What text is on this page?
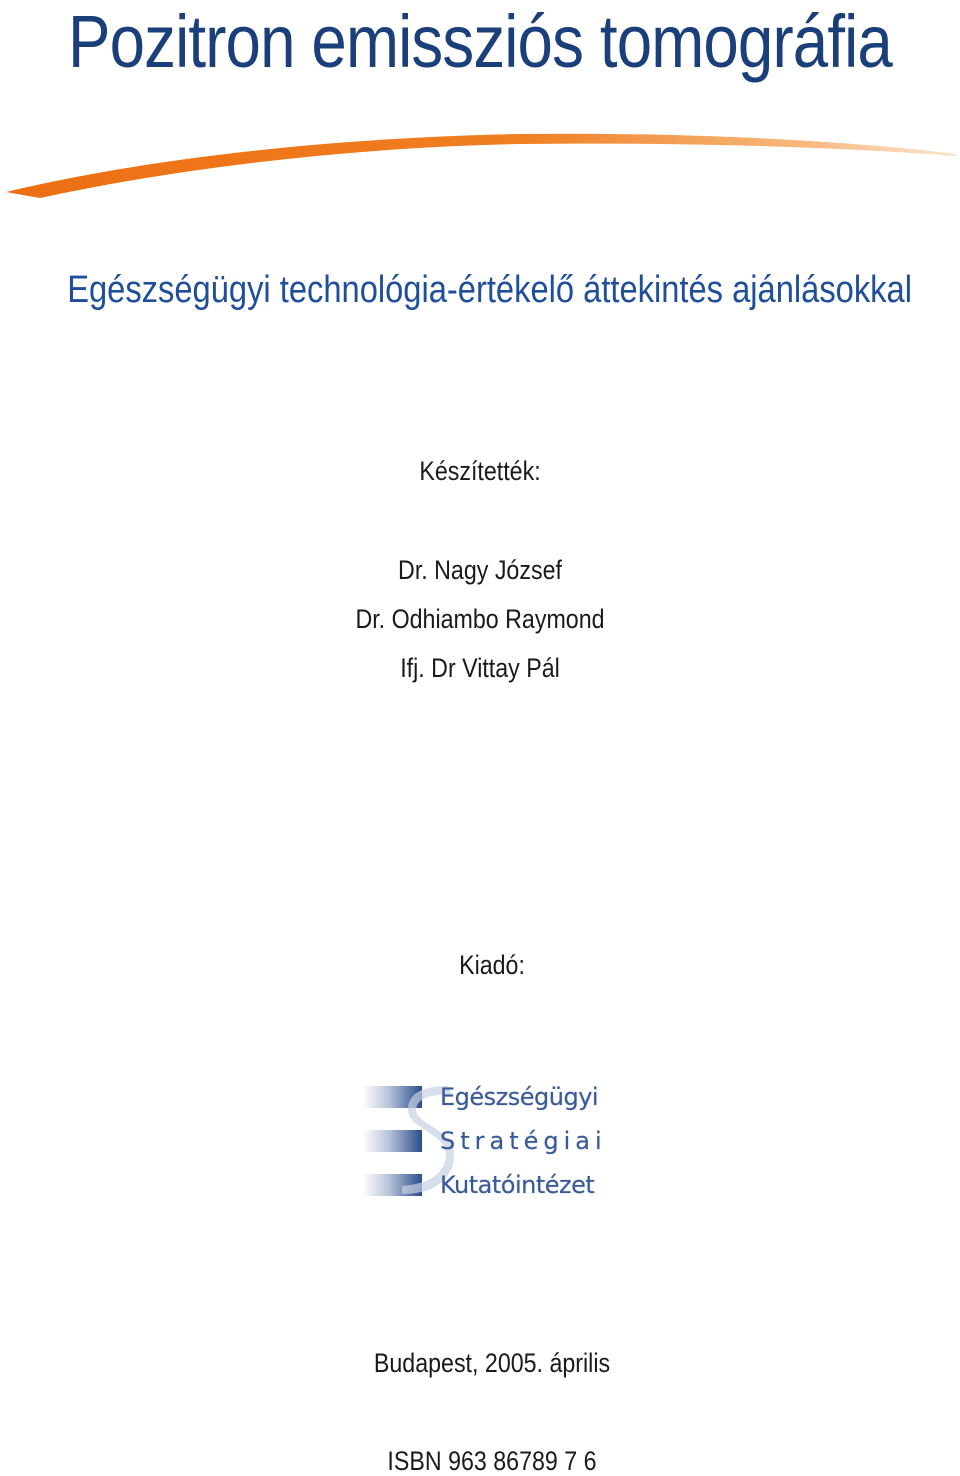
Pozitron emissziós tomográfia
Egészségügyi technológia-értékelő áttekintés ajánlásokkal
Készítették:
Dr. Nagy József
Dr. Odhiambo Raymond
Ifj. Dr Vittay Pál
Kiadó:
Egészségügyi
Stratégiai
Kutatóintézet
Budapest, 2005. április
ISBN 963 86789 7 6
